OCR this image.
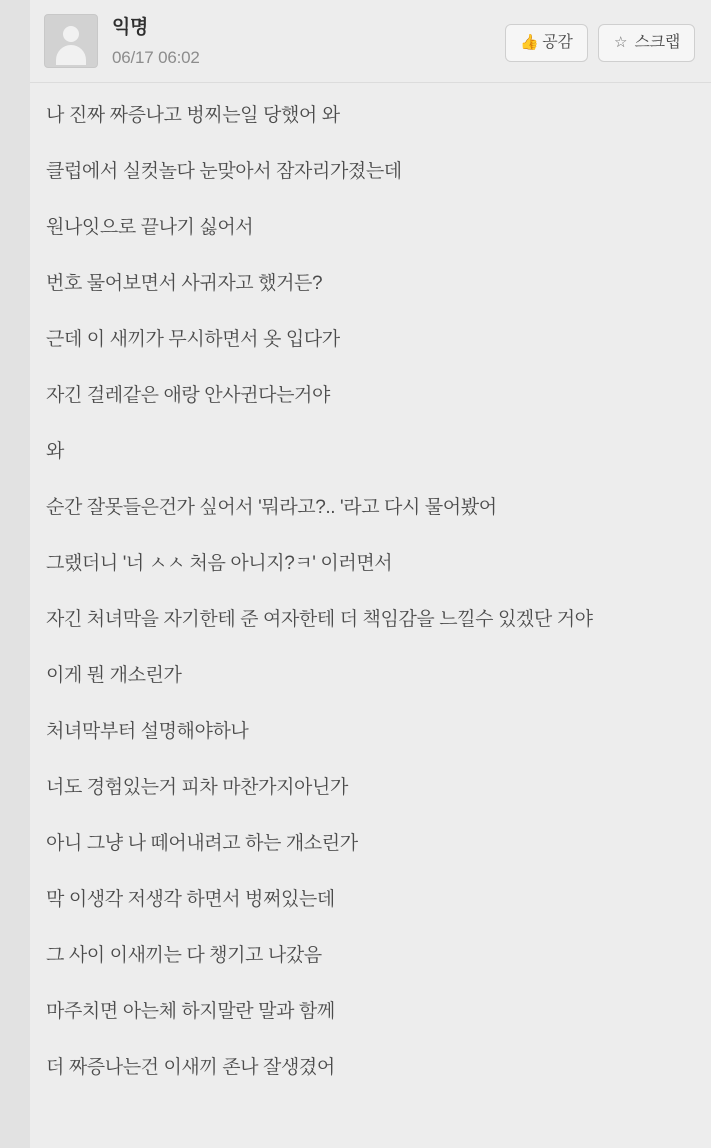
익명
06/17 06:02
👍 공감	☆ 스크랩

나 진짜 짜증나고 벙찌는일 당했어 와

클럽에서 실컷놀다 눈맞아서 잠자리가졌는데

원나잇으로 끝나기 싫어서

번호 물어보면서 사귀자고 했거든?

근데 이 새끼가 무시하면서 옷 입다가

자긴 걸레같은 애랑 안사귄다는거야

와

순간 잘못들은건가 싶어서 '뭐라고?.. '라고 다시 물어봤어

그랬더니 '너 ㅅㅅ 처음 아니지?ㅋ' 이러면서

자긴 처녀막을 자기한테 준 여자한테 더 책임감을 느낄수 있겠단 거야

이게 뭔 개소린가

처녀막부터 설명해야하나

너도 경험있는거 피차 마찬가지아닌가

아니 그냥 나 떼어내려고 하는 개소린가

막 이생각 저생각 하면서 벙쩌있는데

그 사이 이새끼는 다 챙기고 나갔음

마주치면 아는체 하지말란 말과 함께

더 짜증나는건 이새끼 존나 잘생겼어
